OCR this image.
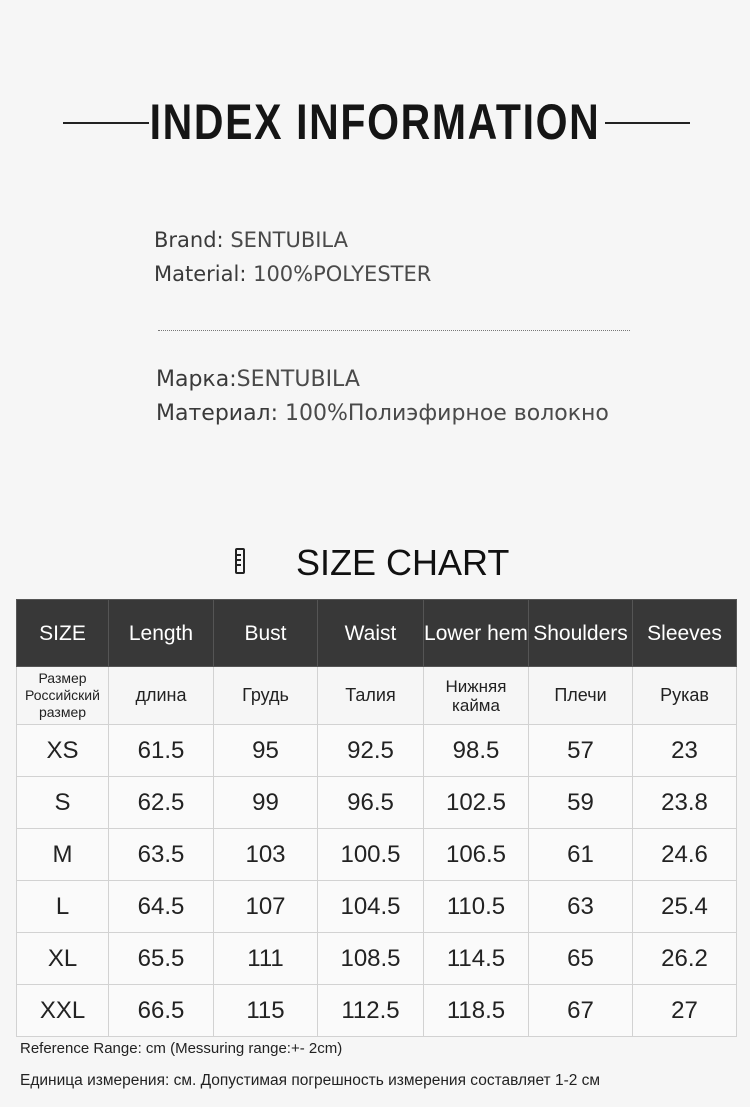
INDEX INFORMATION
Brand: SENTUBILA
Material: 100%POLYESTER
Марка:SENTUBILA
Материал: 100%Полиэфирное волокно
SIZE CHART
SIZE	Length	Bust	Waist	Lower hem	Shoulders	Sleeves
Размер Российский размер	длина	Грудь	Талия	Нижняя кайма	Плечи	Рукав
XS	61.5	95	92.5	98.5	57	23
S	62.5	99	96.5	102.5	59	23.8
M	63.5	103	100.5	106.5	61	24.6
L	64.5	107	104.5	110.5	63	25.4
XL	65.5	111	108.5	114.5	65	26.2
XXL	66.5	115	112.5	118.5	67	27
Reference Range: cm (Messuring range:+- 2cm)
Единица измерения: см. Допустимая погрешность измерения составляет 1-2 см
